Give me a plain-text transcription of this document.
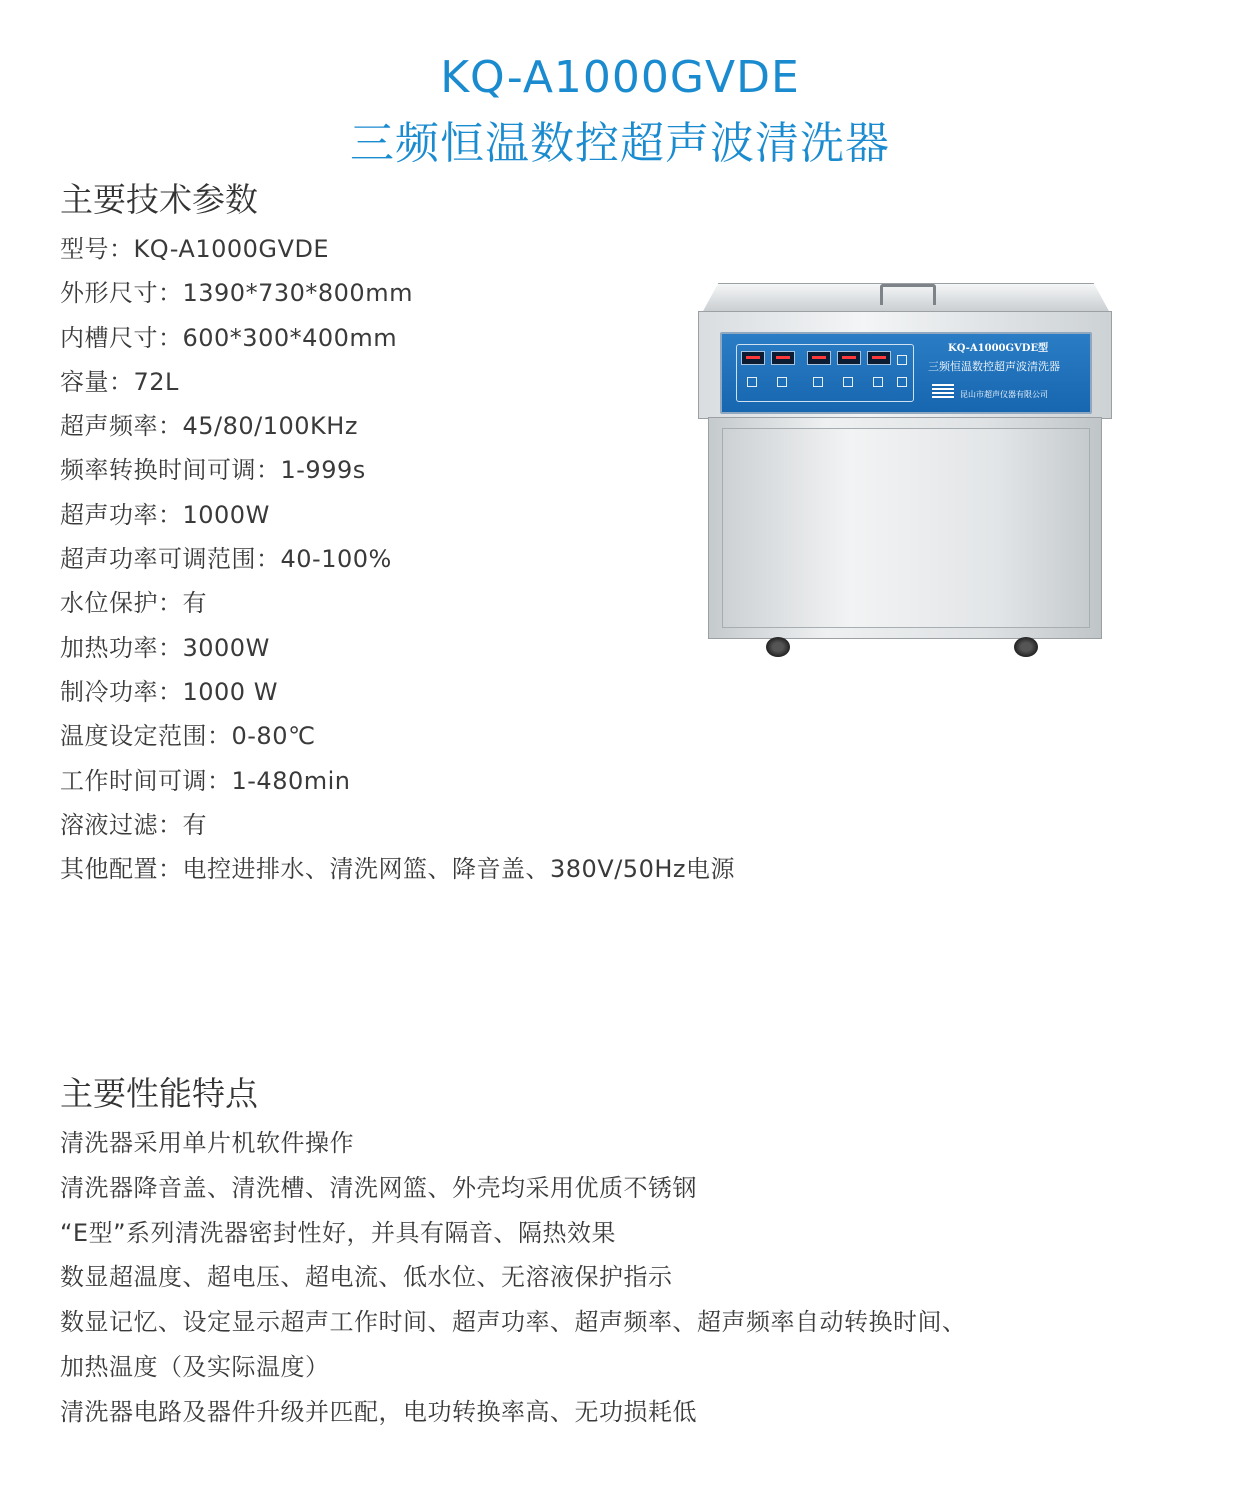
KQ-A1000GVDE
三频恒温数控超声波清洗器
主要技术参数
型号：KQ-A1000GVDE
外形尺寸：1390*730*800mm
内槽尺寸：600*300*400mm
容量：72L
超声频率：45/80/100KHz
频率转换时间可调：1-999s
超声功率：1000W
超声功率可调范围：40-100%
水位保护：有
加热功率：3000W
制冷功率：1000 W
温度设定范围：0-80℃
工作时间可调：1-480min
溶液过滤：有
其他配置：电控进排水、清洗网篮、降音盖、380V/50Hz电源
KQ-A1000GVDE型
三频恒温数控超声波清洗器
昆山市超声仪器有限公司
主要性能特点
清洗器采用单片机软件操作
清洗器降音盖、清洗槽、清洗网篮、外壳均采用优质不锈钢
“E型”系列清洗器密封性好，并具有隔音、隔热效果
数显超温度、超电压、超电流、低水位、无溶液保护指示
数显记忆、设定显示超声工作时间、超声功率、超声频率、超声频率自动转换时间、
加热温度（及实际温度）
清洗器电路及器件升级并匹配，电功转换率高、无功损耗低
